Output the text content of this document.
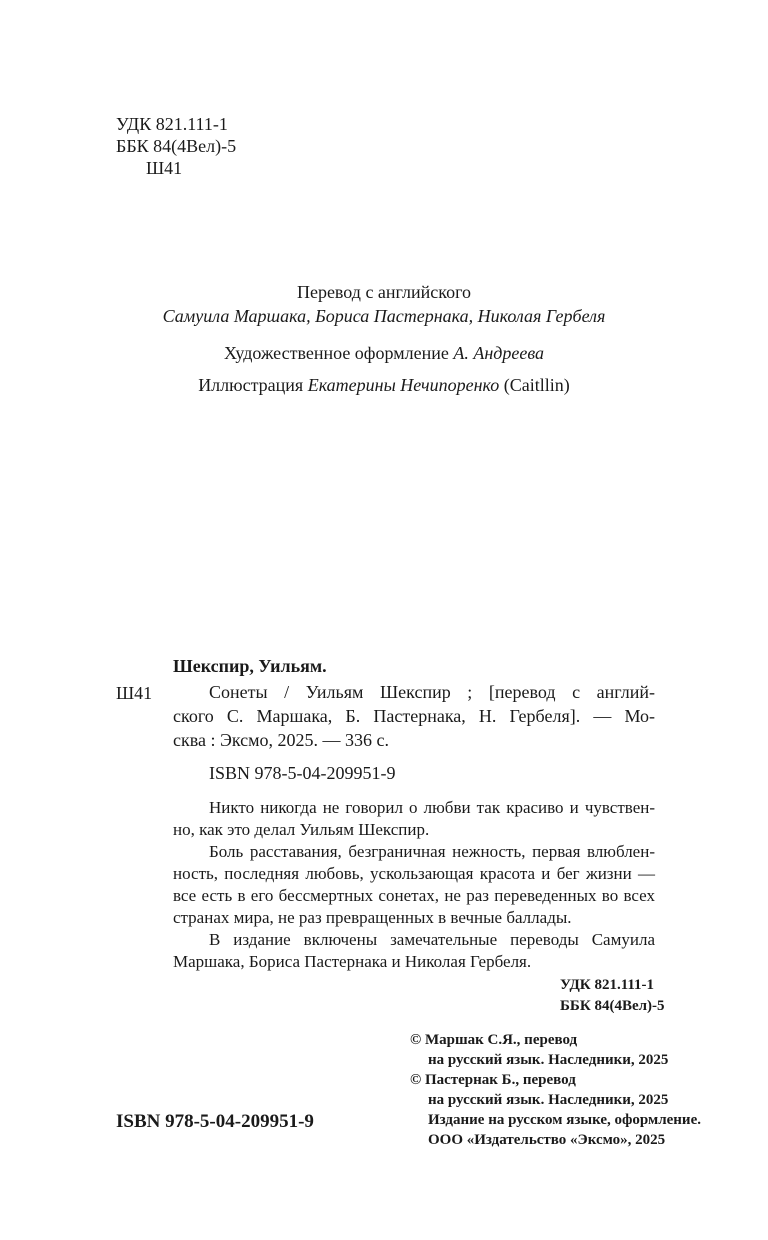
УДК 821.111-1
ББК 84(4Вел)-5
Ш41
Перевод с английского
Самуила Маршака, Бориса Пастернака, Николая Гербеля
Художественное оформление А. Андреева
Иллюстрация Екатерины Нечипоренко (Caitllin)
Шекспир, Уильям.
Ш41	Сонеты / Уильям Шекспир ; [перевод с англий-
ского С. Маршака, Б. Пастернака, Н. Гербеля]. — Мо-
сква : Эксмо, 2025. — 336 с.
ISBN 978-5-04-209951-9
Никто никогда не говорил о любви так красиво и чувствен-
но, как это делал Уильям Шекспир.
Боль расставания, безграничная нежность, первая влюблен-
ность, последняя любовь, ускользающая красота и бег жизни —
все есть в его бессмертных сонетах, не раз переведенных во всех
странах мира, не раз превращенных в вечные баллады.
В издание включены замечательные переводы Самуила
Маршака, Бориса Пастернака и Николая Гербеля.
УДК 821.111-1
ББК 84(4Вел)-5
© Маршак С.Я., перевод
на русский язык. Наследники, 2025
© Пастернак Б., перевод
на русский язык. Наследники, 2025
Издание на русском языке, оформление.
ООО «Издательство «Эксмо», 2025
ISBN 978-5-04-209951-9
